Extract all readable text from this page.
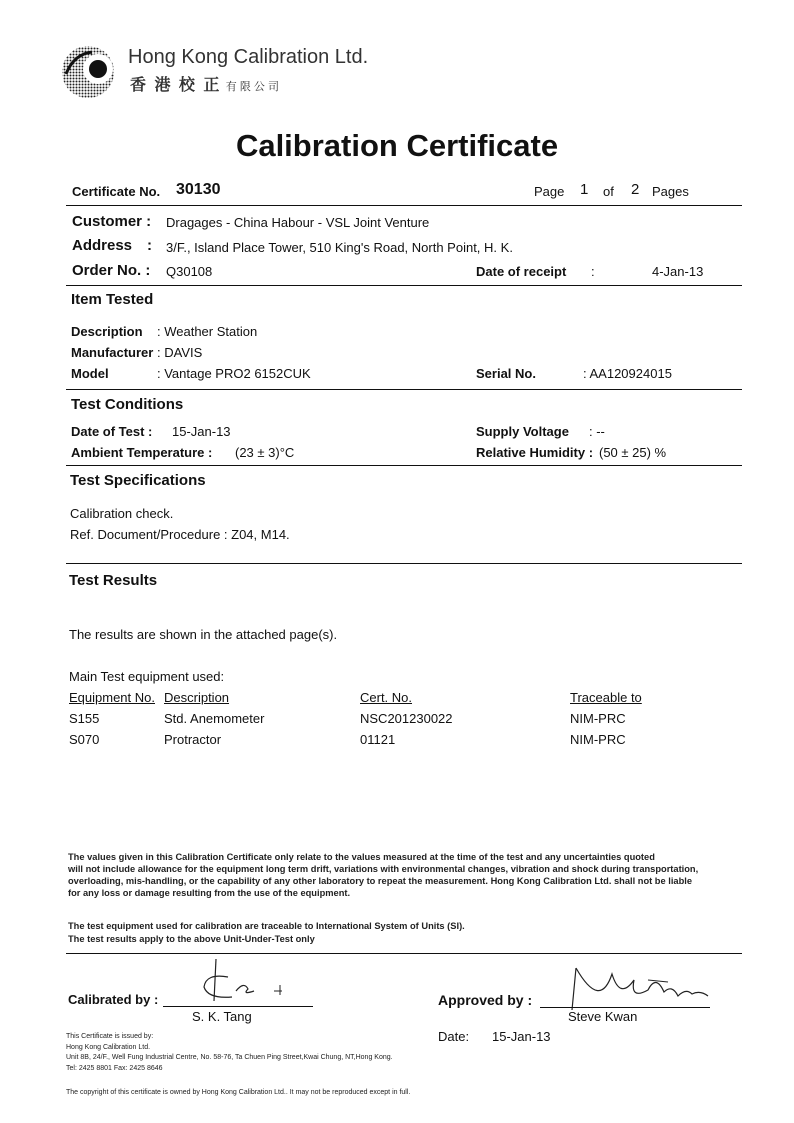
Hong Kong Calibration Ltd.
香 港 校 正 有 限 公 司
Calibration Certificate
Certificate No. 30130	Page 1 of 2 Pages
Customer : Dragages - China Habour - VSL Joint Venture
Address : 3/F., Island Place Tower, 510 King's Road, North Point, H. K.
Order No. : Q30108	Date of receipt :	4-Jan-13
Item Tested
Description : Weather Station
Manufacturer : DAVIS
Model	: Vantage PRO2 6152CUK	Serial No.	: AA120924015
Test Conditions
Date of Test : 15-Jan-13
Ambient Temperature : (23 ± 3)°C
Supply Voltage : --
Relative Humidity : (50 ± 25) %
Test Specifications
Calibration check.
Ref. Document/Procedure : Z04, M14.
Test Results
The results are shown in the attached page(s).
Main Test equipment used:
Equipment No. Description	Cert. No.	Traceable to
S155	Std. Anemometer	NSC201230022	NIM-PRC
S070	Protractor	01121	NIM-PRC
The values given in this Calibration Certificate only relate to the values measured at the time of the test and any uncertainties quoted
will not include allowance for the equipment long term drift, variations with environmental changes, vibration and shock during transportation,
overloading, mis-handling, or the capability of any other laboratory to repeat the measurement. Hong Kong Calibration Ltd. shall not be liable
for any loss or damage resulting from the use of the equipment.
The test equipment used for calibration are traceable to International System of Units (SI).
The test results apply to the above Unit-Under-Test only
Calibrated by :
S. K. Tang
Approved by :
Steve Kwan
Date: 15-Jan-13
This Certificate is issued by:
Hong Kong Calibration Ltd.
Unit 8B, 24/F., Well Fung Industrial Centre, No. 58-76, Ta Chuen Ping Street,Kwai Chung, NT,Hong Kong.
Tel: 2425 8801 Fax: 2425 8646
The copyright of this certificate is owned by Hong Kong Calibration Ltd.. It may not be reproduced except in full.
